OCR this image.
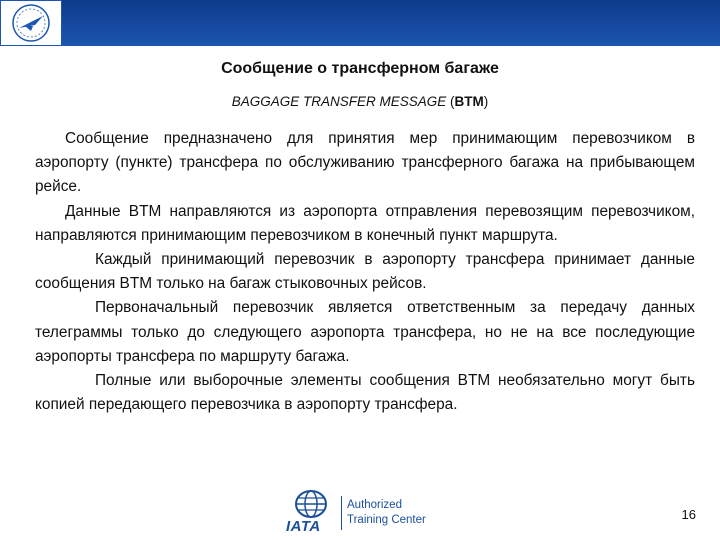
Сообщение о трансферном багаже
BAGGAGE TRANSFER MESSAGE (BTM)

Сообщение предназначено для принятия мер принимающим перевозчиком в аэропорту (пункте) трансфера по обслуживанию трансферного багажа на прибывающем рейсе.

Данные BTM направляются из аэропорта отправления перевозящим перевозчиком, направляются принимающим перевозчиком в конечный пункт маршрута.

Каждый принимающий перевозчик в аэропорту трансфера принимает данные сообщения BTM только на багаж стыковочных рейсов.

Первоначальный перевозчик является ответственным за передачу данных телеграммы только до следующего аэропорта трансфера, но не на все последующие аэропорты трансфера по маршруту багажа.

Полные или выборочные элементы сообщения BTM необязательно могут быть копией передающего перевозчика в аэропорту трансфера.

IATA
Authorized
Training Center	16
